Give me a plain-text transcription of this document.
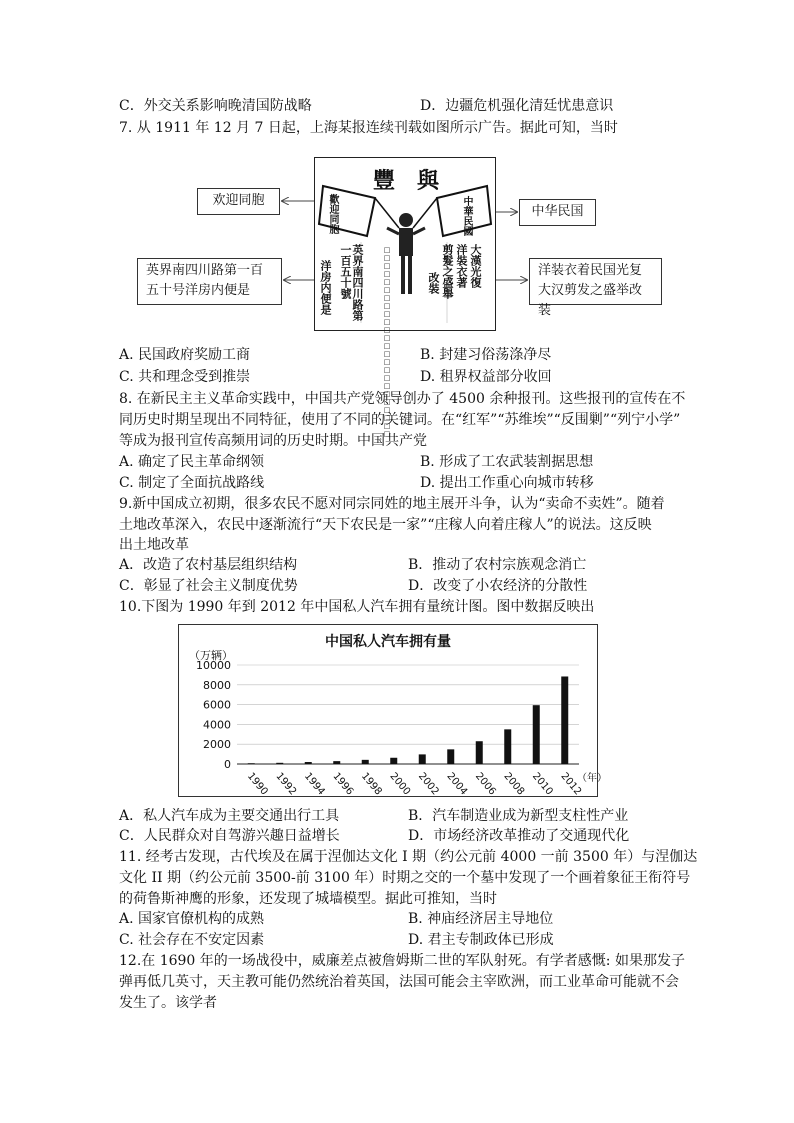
C．外交关系影响晚清国防战略	D．边疆危机强化清廷忧患意识
7. 从 1911 年 12 月 7 日起，上海某报连续刊载如图所示广告。据此可知，当时
欢迎同胞
中华民国
英界南四川路第一百五十号洋房内便是
洋装衣着民国光复大汉剪发之盛举改装
豐　與
歡迎同胞	中華民國
英界南四川路第一百五十號
洋房内便是	□□□□□□□□□□□□□□□□□□□□□□□□	大漢光復
洋裝衣著
剪髮之盛舉
改裝
A. 民国政府奖励工商	B. 封建习俗荡涤净尽
C. 共和理念受到推崇	D. 租界权益部分收回
8. 在新民主主义革命实践中，中国共产党领导创办了 4500 余种报刊。这些报刊的宣传在不
同历史时期呈现出不同特征，使用了不同的关键词。在“红军”“苏维埃”“反围剿”“列宁小学”
等成为报刊宣传高频用词的历史时期。中国共产党
A. 确定了民主革命纲领	B. 形成了工农武装割据思想
C. 制定了全面抗战路线	D. 提出工作重心向城市转移
9.新中国成立初期，很多农民不愿对同宗同姓的地主展开斗争，认为“卖命不卖姓”。随着
土地改革深入，农民中逐渐流行“天下农民是一家”“庄稼人向着庄稼人”的说法。这反映
出土地改革
A．改造了农村基层组织结构	B．推动了农村宗族观念消亡
C．彰显了社会主义制度优势	D．改变了小农经济的分散性
10.下图为 1990 年到 2012 年中国私人汽车拥有量统计图。图中数据反映出
中国私人汽车拥有量
（万辆）
0
2000
4000
6000
8000
10000
1990 1992 1994 1996 1998 2000 2002 2004 2006 2008 2010 2012
（年）
A．私人汽车成为主要交通出行工具	B．汽车制造业成为新型支柱性产业
C．人民群众对自驾游兴趣日益增长	D．市场经济改革推动了交通现代化
11. 经考古发现，古代埃及在属于涅伽达文化 I 期（约公元前 4000 一前 3500 年）与涅伽达
文化 II 期（约公元前 3500-前 3100 年）时期之交的一个墓中发现了一个画着象征王衔符号
的荷鲁斯神鹰的形象，还发现了城墙模型。据此可推知，当时
A. 国家官僚机构的成熟	B. 神庙经济居主导地位
C. 社会存在不安定因素	D. 君主专制政体已形成
12.在 1690 年的一场战役中，威廉差点被詹姆斯二世的军队射死。有学者感慨: 如果那发子
弹再低几英寸，天主教可能仍然统治着英国，法国可能会主宰欧洲，而工业革命可能就不会
发生了。该学者
